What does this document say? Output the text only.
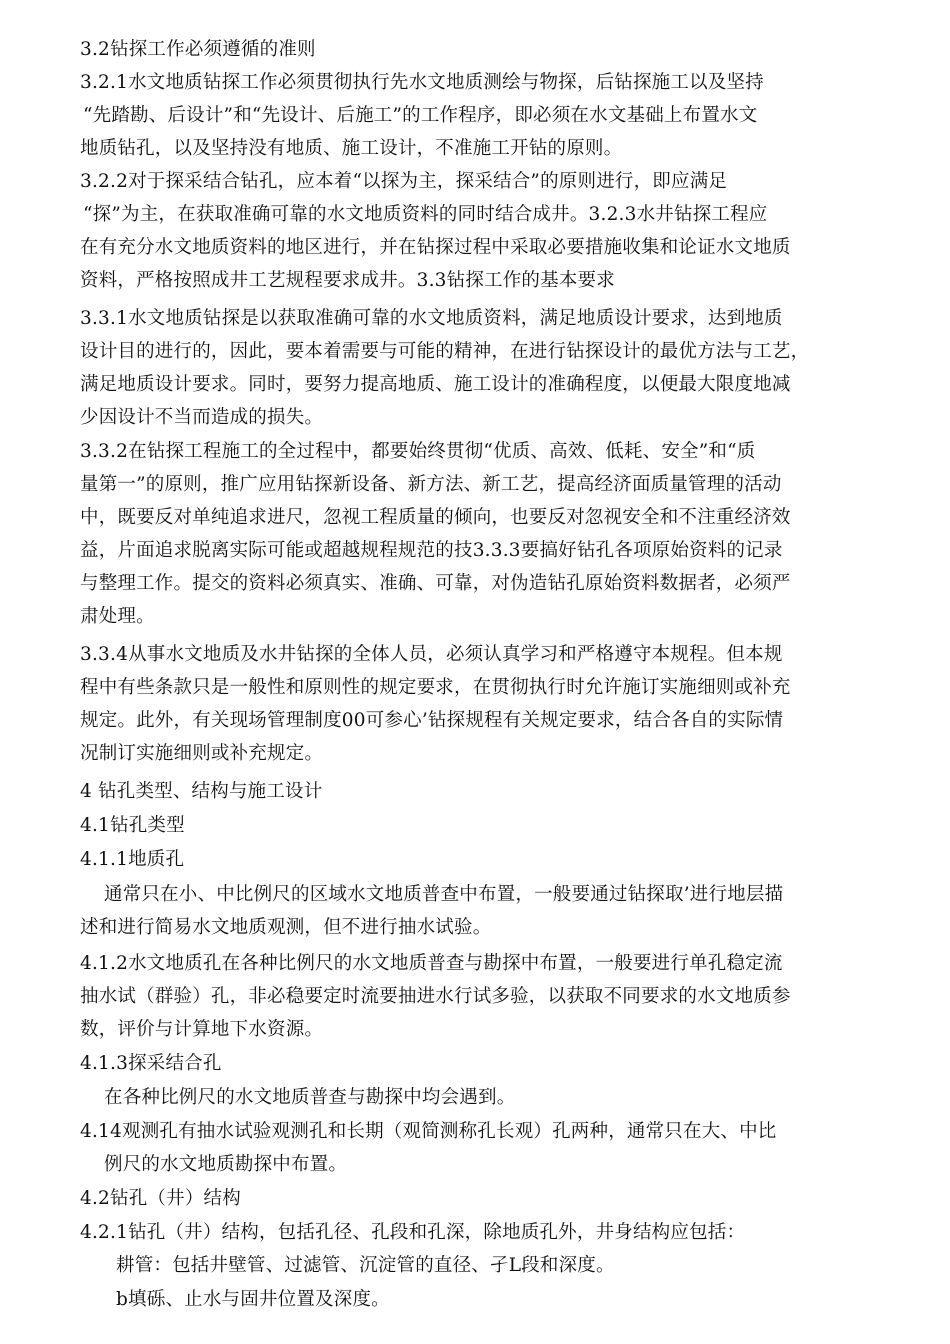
3.2钻探工作必须遵循的准则
3.2.1水文地质钻探工作必须贯彻执行先水文地质测绘与物探，后钻探施工以及坚持
“先踏勘、后设计”和“先设计、后施工”的工作程序，即必须在水文基础上布置水文
地质钻孔，以及坚持没有地质、施工设计，不准施工开钻的原则。
3.2.2对于探采结合钻孔，应本着“以探为主，探采结合”的原则进行，即应满足
“探”为主，在获取准确可靠的水文地质资料的同时结合成井。3.2.3水井钻探工程应
在有充分水文地质资料的地区进行，并在钻探过程中采取必要措施收集和论证水文地质
资料，严格按照成井工艺规程要求成井。3.3钻探工作的基本要求
3.3.1水文地质钻探是以获取准确可靠的水文地质资料，满足地质设计要求，达到地质
设计目的进行的，因此，要本着需要与可能的精神，在进行钻探设计的最优方法与工艺，
满足地质设计要求。同时，要努力提高地质、施工设计的准确程度，以便最大限度地减
少因设计不当而造成的损失。
3.3.2在钻探工程施工的全过程中，都要始终贯彻“优质、高效、低耗、安全”和“质
量第一”的原则，推广应用钻探新设备、新方法、新工艺，提高经济面质量管理的活动
中，既要反对单纯追求进尺，忽视工程质量的倾向，也要反对忽视安全和不注重经济效
益，片面追求脱离实际可能或超越规程规范的技3.3.3要搞好钻孔各项原始资料的记录
与整理工作。提交的资料必须真实、准确、可靠，对伪造钻孔原始资料数据者，必须严
肃处理。
3.3.4从事水文地质及水井钻探的全体人员，必须认真学习和严格遵守本规程。但本规
程中有些条款只是一般性和原则性的规定要求，在贯彻执行时允许施订实施细则或补充
规定。此外，有关现场管理制度00可参心’钻探规程有关规定要求，结合各自的实际情
况制订实施细则或补充规定。
4 钻孔类型、结构与施工设计
4.1钻孔类型
4.1.1地质孔
通常只在小、中比例尺的区域水文地质普查中布置，一般要通过钻探取’进行地层描
述和进行简易水文地质观测，但不进行抽水试验。
4.1.2水文地质孔在各种比例尺的水文地质普查与勘探中布置，一般要进行单孔稳定流
抽水试（群验）孔，非必稳要定时流要抽进水行试多验，以获取不同要求的水文地质参
数，评价与计算地下水资源。
4.1.3探采结合孔
在各种比例尺的水文地质普查与勘探中均会遇到。
4.14观测孔有抽水试验观测孔和长期（观简测称孔长观）孔两种，通常只在大、中比
例尺的水文地质勘探中布置。
4.2钻孔（井）结构
4.2.1钻孔（井）结构，包括孔径、孔段和孔深，除地质孔外，井身结构应包括：
耕管：包括井壁管、过滤管、沉淀管的直径、孑L段和深度。
b填砾、止水与固井位置及深度。
